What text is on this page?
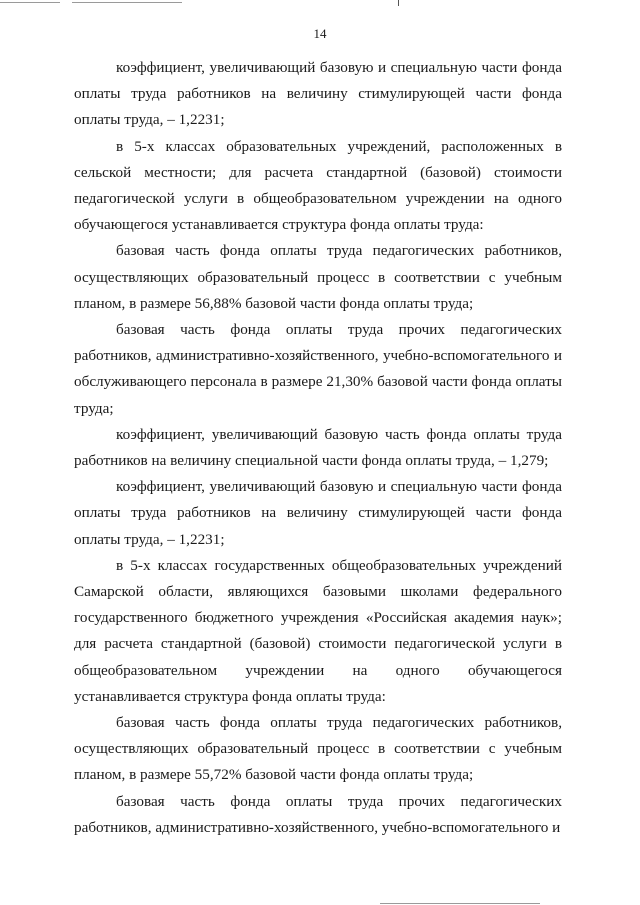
14

коэффициент, увеличивающий базовую и специальную части фонда оплаты труда работников на величину стимулирующей части фонда оплаты труда, – 1,2231;

в 5-х классах образовательных учреждений, расположенных в сельской местности; для расчета стандартной (базовой) стоимости педагогической услуги в общеобразовательном учреждении на одного обучающегося устанавливается структура фонда оплаты труда:

базовая часть фонда оплаты труда педагогических работников, осуществляющих образовательный процесс в соответствии с учебным планом, в размере 56,88% базовой части фонда оплаты труда;

базовая часть фонда оплаты труда прочих педагогических работников, административно-хозяйственного, учебно-вспомогательного и обслуживающего персонала в размере 21,30% базовой части фонда оплаты труда;

коэффициент, увеличивающий базовую часть фонда оплаты труда работников на величину специальной части фонда оплаты труда, – 1,279;

коэффициент, увеличивающий базовую и специальную части фонда оплаты труда работников на величину стимулирующей части фонда оплаты труда, – 1,2231;

в 5-х классах государственных общеобразовательных учреждений Самарской области, являющихся базовыми школами федерального государственного бюджетного учреждения «Российская академия наук»; для расчета стандартной (базовой) стоимости педагогической услуги в общеобразовательном учреждении на одного обучающегося устанавливается структура фонда оплаты труда:

базовая часть фонда оплаты труда педагогических работников, осуществляющих образовательный процесс в соответствии с учебным планом, в размере 55,72% базовой части фонда оплаты труда;

базовая часть фонда оплаты труда прочих педагогических работников, административно-хозяйственного, учебно-вспомогательного и
